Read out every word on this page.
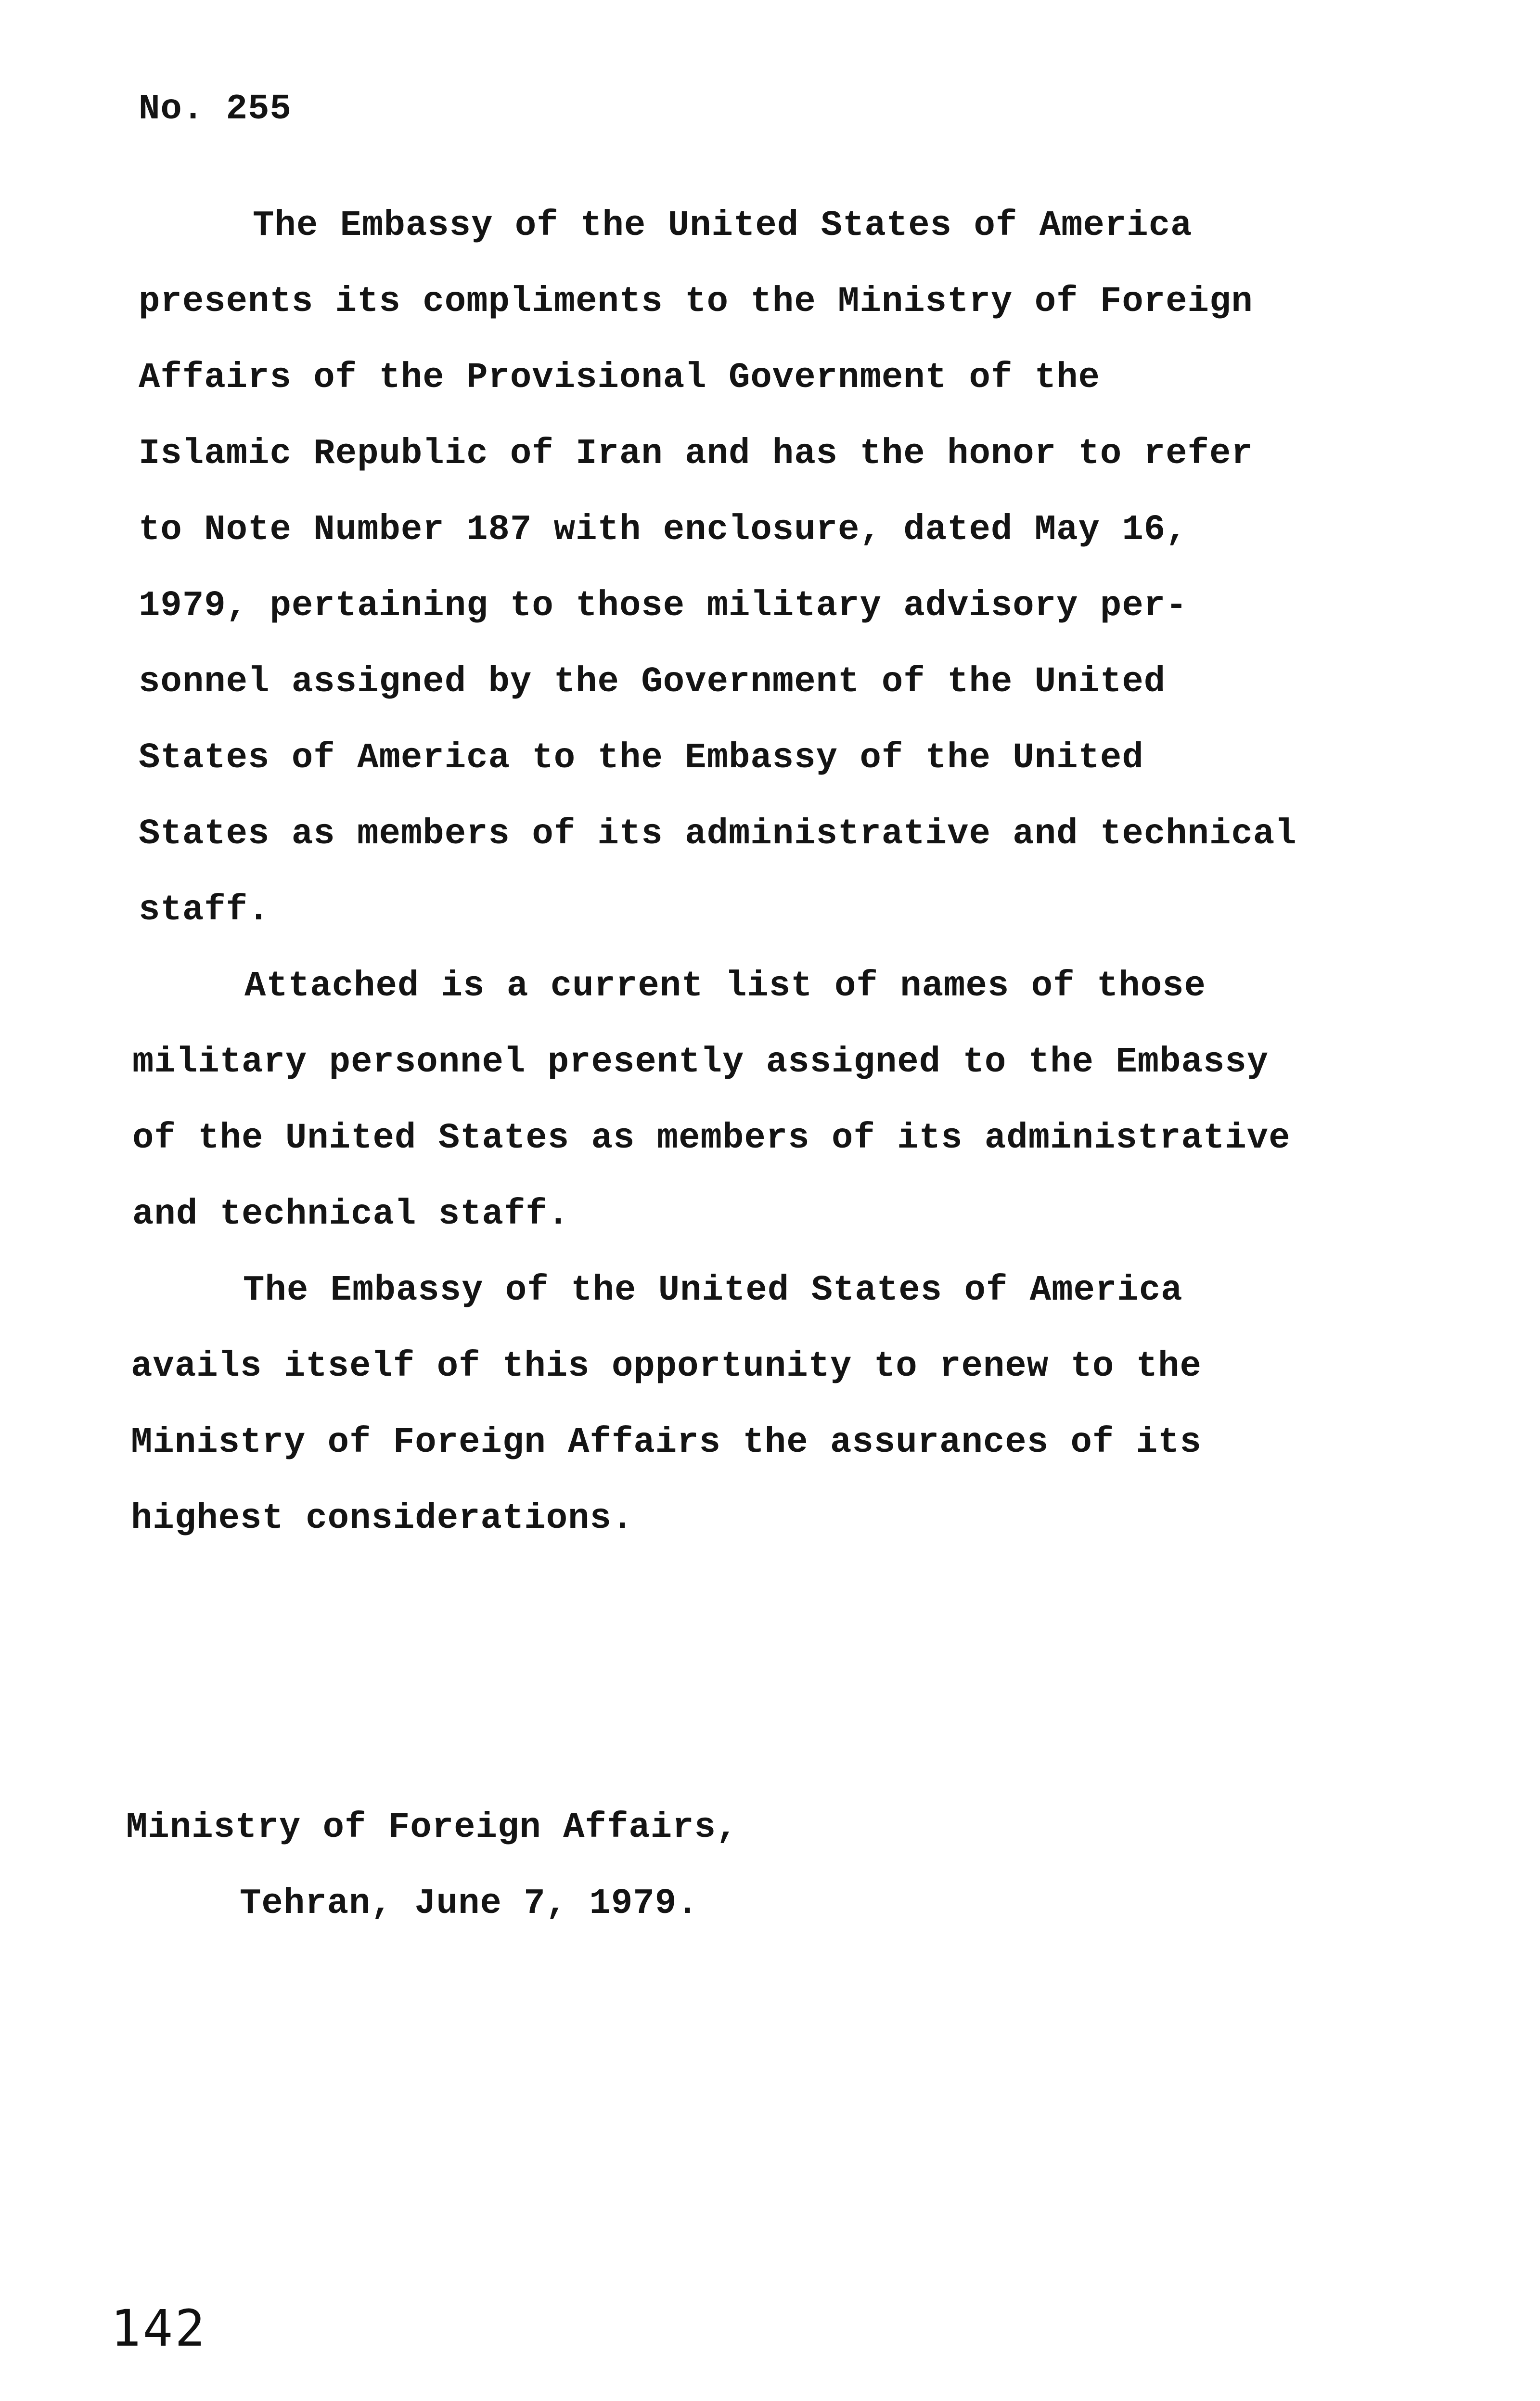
No. 255
The Embassy of the United States of America
presents its compliments to the Ministry of Foreign
Affairs of the Provisional Government of the
Islamic Republic of Iran and has the honor to refer
to Note Number 187 with enclosure, dated May 16,
1979, pertaining to those military advisory per-
sonnel assigned by the Government of the United
States of America to the Embassy of the United
States as members of its administrative and technical
staff.
Attached is a current list of names of those
military personnel presently assigned to the Embassy
of the United States as members of its administrative
and technical staff.
The Embassy of the United States of America
avails itself of this opportunity to renew to the
Ministry of Foreign Affairs the assurances of its
highest considerations.
Ministry of Foreign Affairs,
Tehran, June 7, 1979.
142
